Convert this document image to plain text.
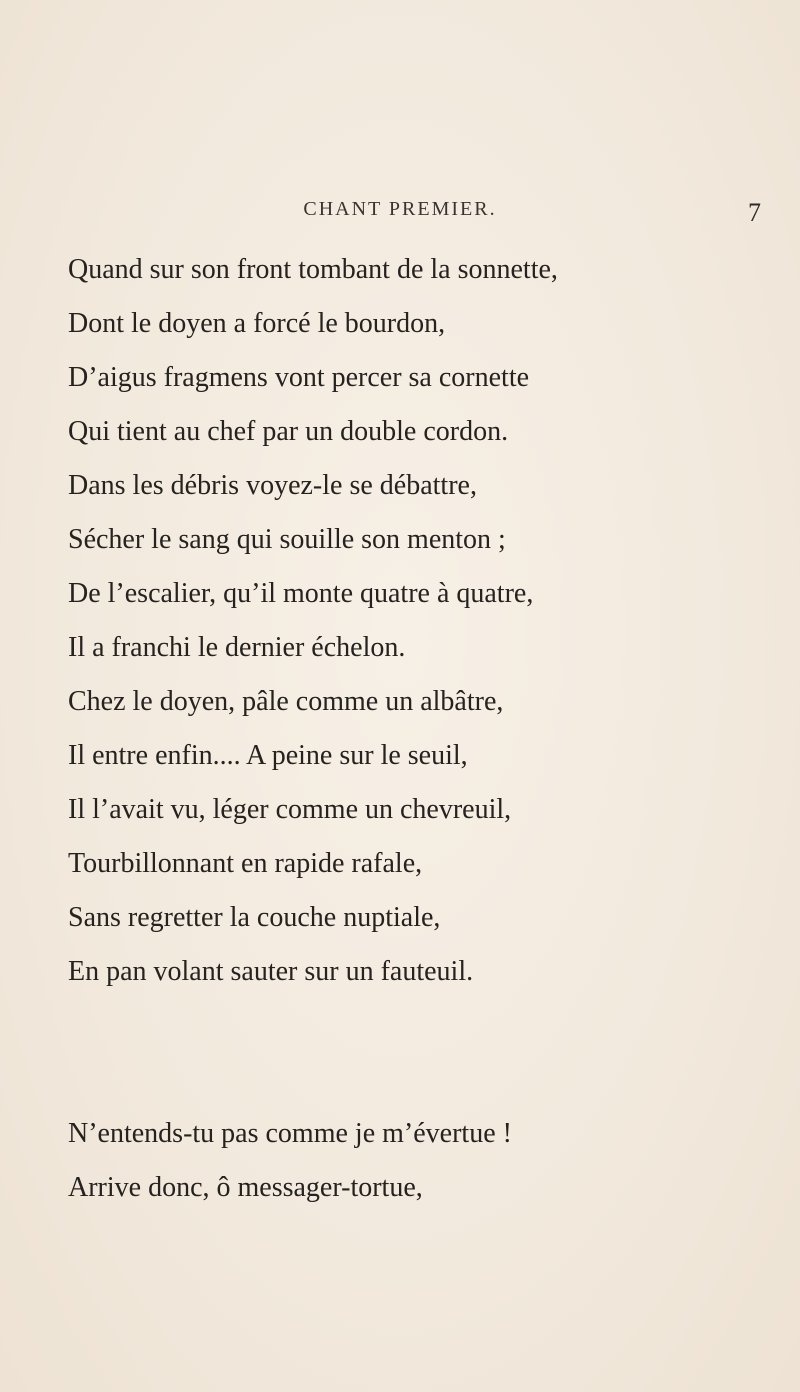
CHANT PREMIER.	7
Quand sur son front tombant de la sonnette,
Dont le doyen a forcé le bourdon,
D’aigus fragmens vont percer sa cornette
Qui tient au chef par un double cordon.
Dans les débris voyez-le se débattre,
Sécher le sang qui souille son menton ;
De l’escalier, qu’il monte quatre à quatre,
Il a franchi le dernier échelon.
Chez le doyen, pâle comme un albâtre,
Il entre enfin.... A peine sur le seuil,
Il l’avait vu, léger comme un chevreuil,
Tourbillonnant en rapide rafale,
Sans regretter la couche nuptiale,
En pan volant sauter sur un fauteuil.
N’entends-tu pas comme je m’évertue !
Arrive donc, ô messager-tortue,
